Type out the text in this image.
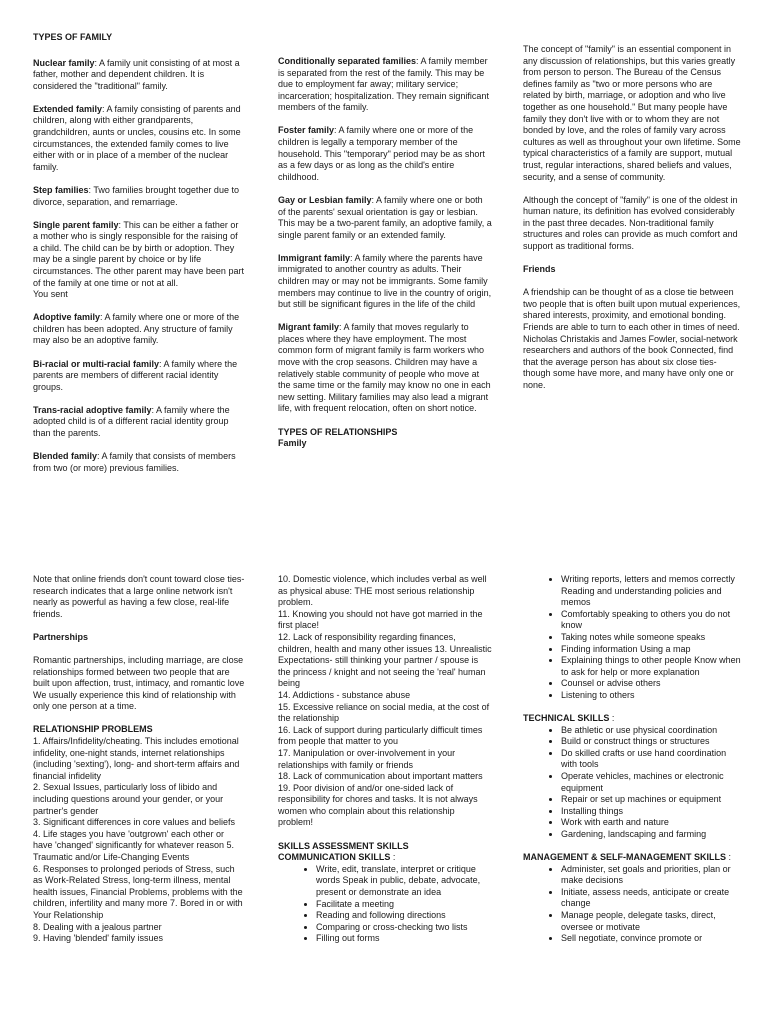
TYPES OF FAMILY

Nuclear family: A family unit consisting of at most a father, mother and dependent children. It is considered the "traditional" family.

Extended family: A family consisting of parents and children, along with either grandparents, grandchildren, aunts or uncles, cousins etc. In some circumstances, the extended family comes to live either with or in place of a member of the nuclear family.

Step families: Two families brought together due to divorce, separation, and remarriage.

Single parent family: This can be either a father or a mother who is singly responsible for the raising of a child. The child can be by birth or adoption. They may be a single parent by choice or by life circumstances. The other parent may have been part of the family at one time or not at all.
You sent

Adoptive family: A family where one or more of the children has been adopted. Any structure of family may also be an adoptive family.

Bi-racial or multi-racial family: A family where the parents are members of different racial identity groups.

Trans-racial adoptive family: A family where the adopted child is of a different racial identity group than the parents.

Blended family: A family that consists of members from two (or more) previous families.

Conditionally separated families: A family member is separated from the rest of the family. This may be due to employment far away; military service; incarceration; hospitalization. They remain significant members of the family.

Foster family: A family where one or more of the children is legally a temporary member of the household. This "temporary" period may be as short as a few days or as long as the child's entire childhood.

Gay or Lesbian family: A family where one or both of the parents' sexual orientation is gay or lesbian. This may be a two-parent family, an adoptive family, a single parent family or an extended family.

Immigrant family: A family where the parents have immigrated to another country as adults. Their children may or may not be immigrants. Some family members may continue to live in the country of origin, but still be significant figures in the life of the child

Migrant family: A family that moves regularly to places where they have employment. The most common form of migrant family is farm workers who move with the crop seasons. Children may have a relatively stable community of people who move at the same time or the family may know no one in each new setting. Military families may also lead a migrant life, with frequent relocation, often on short notice.

TYPES OF RELATIONSHIPS
Family

The concept of "family" is an essential component in any discussion of relationships, but this varies greatly from person to person. The Bureau of the Census defines family as "two or more persons who are related by birth, marriage, or adoption and who live together as one household." But many people have family they don't live with or to whom they are not bonded by love, and the roles of family vary across cultures as well as throughout your own lifetime. Some typical characteristics of a family are support, mutual trust, regular interactions, shared beliefs and values, security, and a sense of community.

Although the concept of "family" is one of the oldest in human nature, its definition has evolved considerably in the past three decades. Non-traditional family structures and roles can provide as much comfort and support as traditional forms.

Friends

A friendship can be thought of as a close tie between two people that is often built upon mutual experiences, shared interests, proximity, and emotional bonding. Friends are able to turn to each other in times of need. Nicholas Christakis and James Fowler, social-network researchers and authors of the book Connected, find that the average person has about six close ties-though some have more, and many have only one or none.

Note that online friends don't count toward close ties-research indicates that a large online network isn't nearly as powerful as having a few close, real-life friends.

Partnerships

Romantic partnerships, including marriage, are close relationships formed between two people that are built upon affection, trust, intimacy, and romantic love We usually experience this kind of relationship with only one person at a time.

RELATIONSHIP PROBLEMS
1. Affairs/Infidelity/cheating. This includes emotional infidelity, one-night stands, internet relationships (including 'sexting'), long- and short-term affairs and financial infidelity
2. Sexual Issues, particularly loss of libido and including questions around your gender, or your partner's gender
3. Significant differences in core values and beliefs
4. Life stages you have 'outgrown' each other or have 'changed' significantly for whatever reason 5. Traumatic and/or Life-Changing Events
6. Responses to prolonged periods of Stress, such as Work-Related Stress, long-term illness, mental health issues, Financial Problems, problems with the children, infertility and many more 7. Bored in or with Your Relationship
8. Dealing with a jealous partner
9. Having 'blended' family issues
10. Domestic violence, which includes verbal as well as physical abuse: THE most serious relationship problem.
11. Knowing you should not have got married in the first place!
12. Lack of responsibility regarding finances, children, health and many other issues 13. Unrealistic Expectations- still thinking your partner / spouse is the princess / knight and not seeing the 'real' human being
14. Addictions - substance abuse
15. Excessive reliance on social media, at the cost of the relationship
16. Lack of support during particularly difficult times from people that matter to you
17. Manipulation or over-involvement in your relationships with family or friends
18. Lack of communication about important matters
19. Poor division of and/or one-sided lack of responsibility for chores and tasks. It is not always women who complain about this relationship problem!
SKILLS ASSESSMENT SKILLS
COMMUNICATION SKILLS :
• Write, edit, translate, interpret or critique words Speak in public, debate, advocate, present or demonstrate an idea
• Facilitate a meeting
• Reading and following directions
• Comparing or cross-checking two lists
• Filling out forms
• Writing reports, letters and memos correctly Reading and understanding policies and memos
• Comfortably speaking to others you do not know
• Taking notes while someone speaks
• Finding information Using a map
• Explaining things to other people Know when to ask for help or more explanation
• Counsel or advise others
• Listening to others
TECHNICAL SKILLS :
• Be athletic or use physical coordination
• Build or construct things or structures
• Do skilled crafts or use hand coordination with tools
• Operate vehicles, machines or electronic equipment
• Repair or set up machines or equipment
• Installing things
• Work with earth and nature
• Gardening, landscaping and farming
MANAGEMENT & SELF-MANAGEMENT SKILLS :
• Administer, set goals and priorities, plan or make decisions
• Initiate, assess needs, anticipate or create change
• Manage people, delegate tasks, direct, oversee or motivate
• Sell negotiate, convince promote or
